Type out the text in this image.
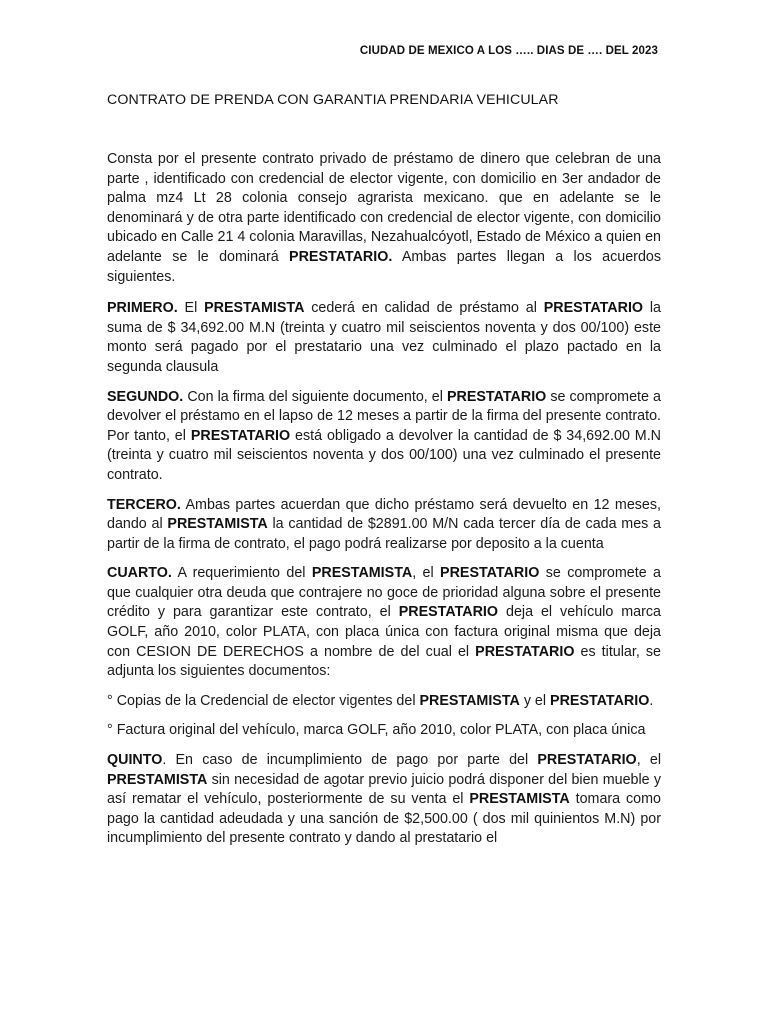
CIUDAD DE MEXICO A LOS ….. DIAS DE …. DEL 2023
CONTRATO DE PRENDA CON GARANTIA PRENDARIA VEHICULAR

Consta por el presente contrato privado de préstamo de dinero que celebran de una parte , identificado con credencial de elector vigente, con domicilio en 3er andador de palma mz4 Lt 28 colonia consejo agrarista mexicano. que en adelante se le denominará y de otra parte identificado con credencial de elector vigente, con domicilio ubicado en Calle 21 4 colonia Maravillas, Nezahualcóyotl, Estado de México a quien en adelante se le dominará PRESTATARIO. Ambas partes llegan a los acuerdos siguientes.

PRIMERO. El PRESTAMISTA cederá en calidad de préstamo al PRESTATARIO la suma de $ 34,692.00 M.N (treinta y cuatro mil seiscientos noventa y dos 00/100) este monto será pagado por el prestatario una vez culminado el plazo pactado en la segunda clausula

SEGUNDO. Con la firma del siguiente documento, el PRESTATARIO se compromete a devolver el préstamo en el lapso de 12 meses a partir de la firma del presente contrato. Por tanto, el PRESTATARIO está obligado a devolver la cantidad de $ 34,692.00 M.N (treinta y cuatro mil seiscientos noventa y dos 00/100) una vez culminado el presente contrato.

TERCERO. Ambas partes acuerdan que dicho préstamo será devuelto en 12 meses, dando al PRESTAMISTA la cantidad de $2891.00 M/N cada tercer día de cada mes a partir de la firma de contrato, el pago podrá realizarse por deposito a la cuenta

CUARTO. A requerimiento del PRESTAMISTA, el PRESTATARIO se compromete a que cualquier otra deuda que contrajere no goce de prioridad alguna sobre el presente crédito y para garantizar este contrato, el PRESTATARIO deja el vehículo marca GOLF, año 2010, color PLATA, con placa única con factura original misma que deja con CESION DE DERECHOS a nombre de del cual el PRESTATARIO es titular, se adjunta los siguientes documentos:

° Copias de la Credencial de elector vigentes del PRESTAMISTA y el PRESTATARIO.

° Factura original del vehículo, marca GOLF, año 2010, color PLATA, con placa única

QUINTO. En caso de incumplimiento de pago por parte del PRESTATARIO, el PRESTAMISTA sin necesidad de agotar previo juicio podrá disponer del bien mueble y así rematar el vehículo, posteriormente de su venta el PRESTAMISTA tomara como pago la cantidad adeudada y una sanción de $2,500.00 ( dos mil quinientos M.N) por incumplimiento del presente contrato y dando al prestatario el
